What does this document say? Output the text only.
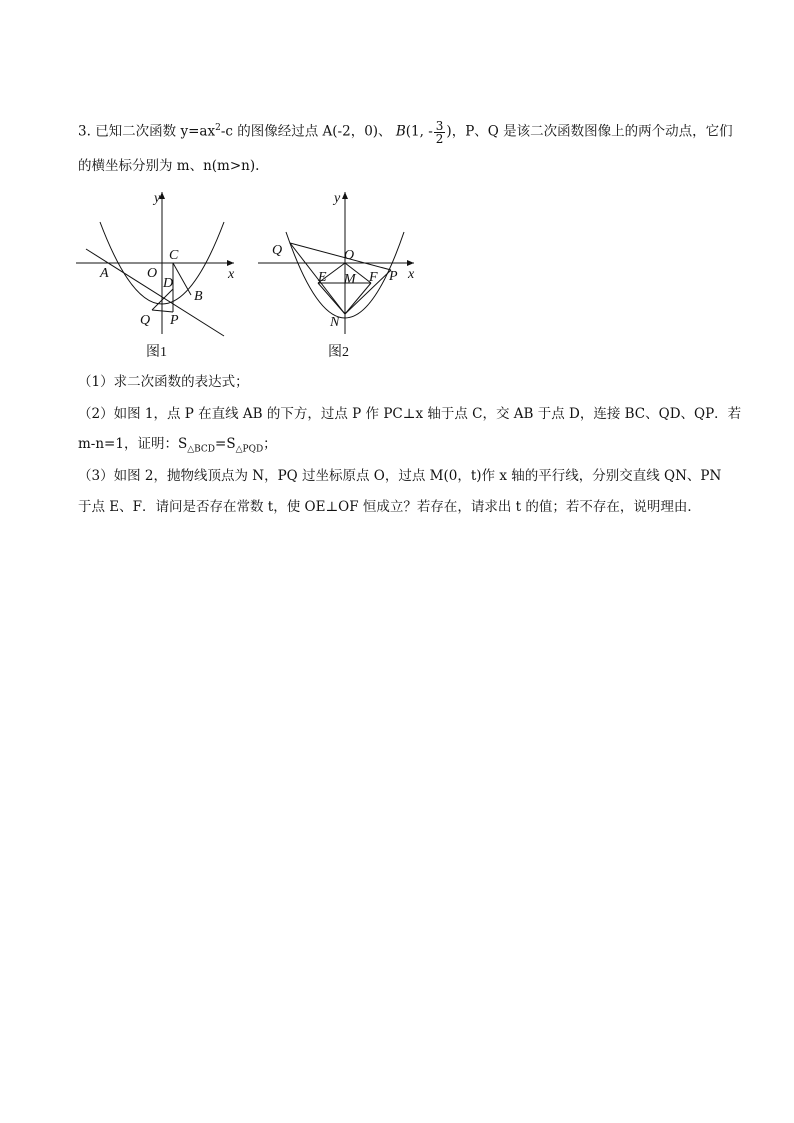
3. 已知二次函数 $y=ax^2-c$ 的图像经过点 A(-2，0)、 B(1, - $\frac{3}{2}$ )，P、Q 是该二次函数图像上的两个动点，它们
的横坐标分别为 m、n(m>n).
y
x
A	O
C
D
B
Q P
图1
y
x
Q	O
E M F P
N
图2
（1）求二次函数的表达式；
（2）如图 1，点 P 在直线 AB 的下方，过点 P 作 PC⊥x 轴于点 C，交 AB 于点 D，连接 BC、QD、QP．若
m-n=1，证明：$S_{\triangle BCD}=S_{\triangle PQD}$；
（3）如图 2，抛物线顶点为 N，PQ 过坐标原点 O，过点 M(0，t)作 x 轴的平行线，分别交直线 QN、PN
于点 E、F．请问是否存在常数 t，使 OE⊥OF 恒成立？若存在，请求出 t 的值；若不存在，说明理由．
